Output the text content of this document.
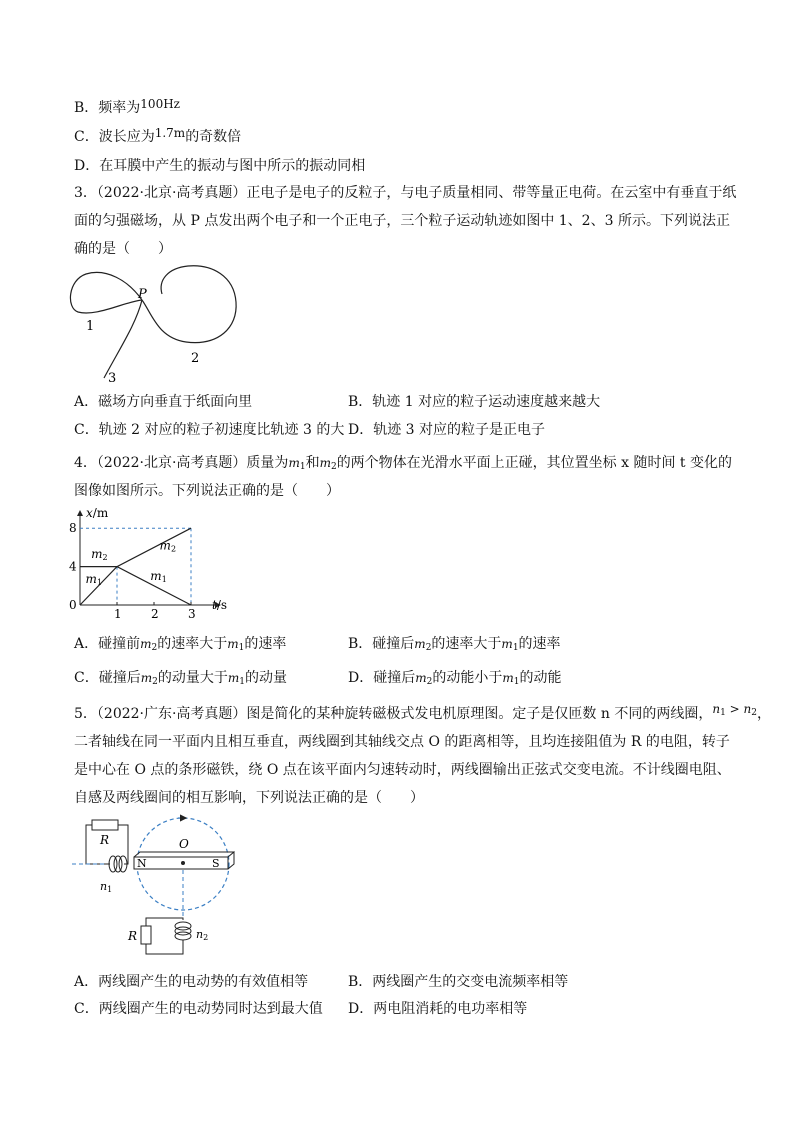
B．频率为100Hz
C．波长应为1.7m的奇数倍
D．在耳膜中产生的振动与图中所示的振动同相
3．（2022·北京·高考真题）正电子是电子的反粒子，与电子质量相同、带等量正电荷。在云室中有垂直于纸
面的匀强磁场，从 P 点发出两个电子和一个正电子，三个粒子运动轨迹如图中 1、2、3 所示。下列说法正
确的是（　　）
P
1
2
3
A．磁场方向垂直于纸面向里	B．轨迹 1 对应的粒子运动速度越来越大
C．轨迹 2 对应的粒子初速度比轨迹 3 的大 D．轨迹 3 对应的粒子是正电子
4．（2022·北京·高考真题）质量为$m_1$和$m_2$的两个物体在光滑水平面上正碰，其位置坐标 x 随时间 t 变化的
图像如图所示。下列说法正确的是（　　）
m1	m1
m2
m2
1 2 3
4
8
0
x/m
t/s
A．碰撞前$m_2$的速率大于$m_1$的速率	B．碰撞后$m_2$的速率大于$m_1$的速率
C．碰撞后$m_2$的动量大于$m_1$的动量	D．碰撞后$m_2$的动能小于$m_1$的动能
5．（2022·广东·高考真题）图是简化的某种旋转磁极式发电机原理图。定子是仅匝数 n 不同的两线圈，$n_1 > n_2$，
二者轴线在同一平面内且相互垂直，两线圈到其轴线交点 O 的距离相等，且均连接阻值为 R 的电阻，转子
是中心在 O 点的条形磁铁，绕 O 点在该平面内匀速转动时，两线圈输出正弦式交变电流。不计线圈电阻、
自感及两线圈间的相互影响，下列说法正确的是（　　）
R
n1
N	S
O
R	n2
A．两线圈产生的电动势的有效值相等	B．两线圈产生的交变电流频率相等
C．两线圈产生的电动势同时达到最大值 D．两电阻消耗的电功率相等
